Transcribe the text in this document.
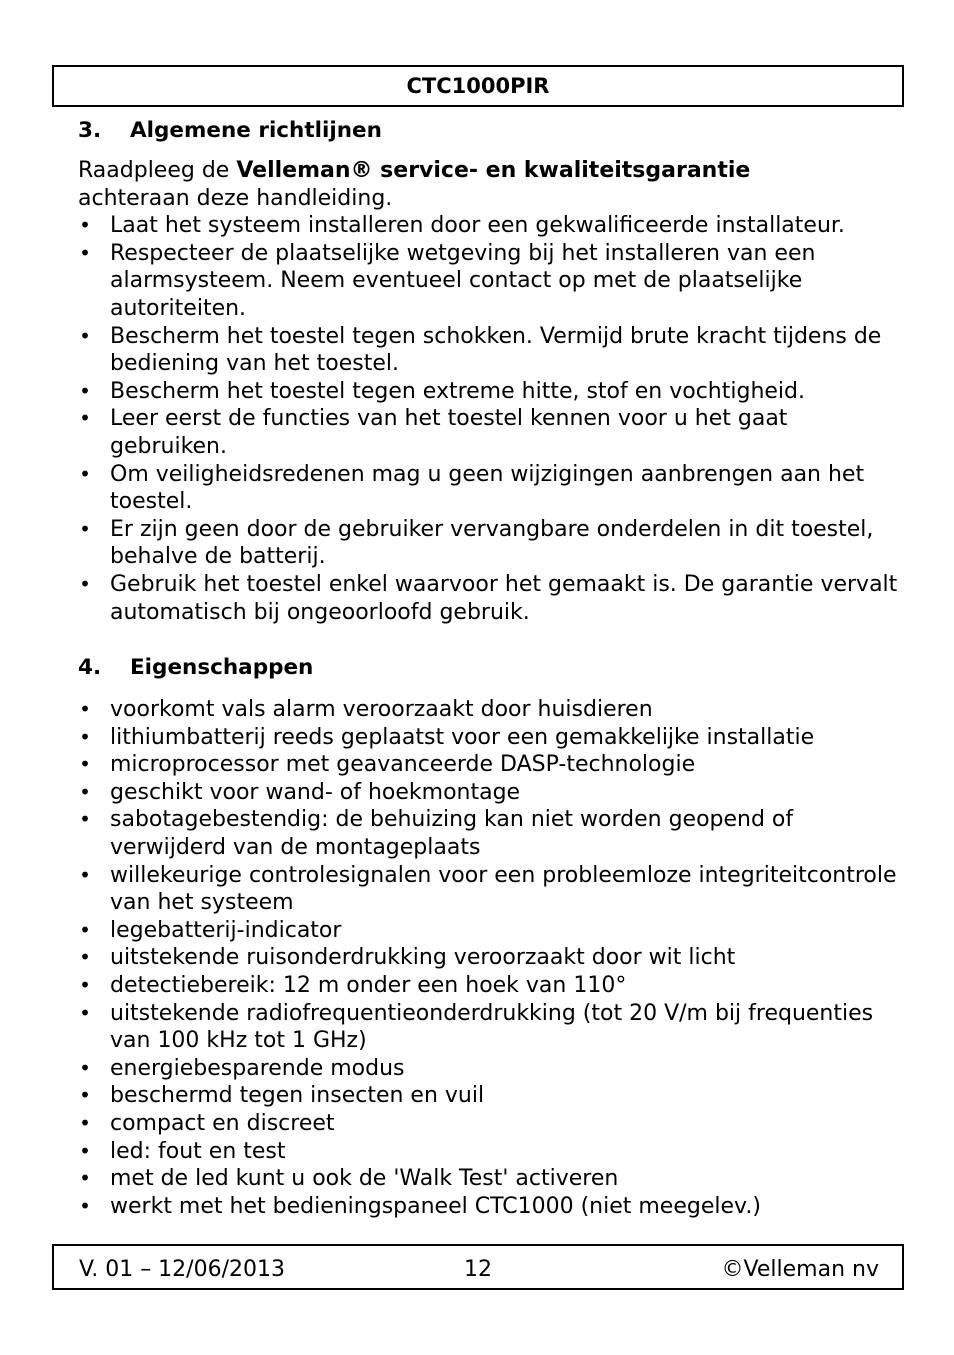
CTC1000PIR
3.	Algemene richtlijnen

Raadpleeg de Velleman® service- en kwaliteitsgarantie
achteraan deze handleiding.

• Laat het systeem installeren door een gekwalificeerde installateur.
• Respecteer de plaatselijke wetgeving bij het installeren van een alarmsysteem. Neem eventueel contact op met de plaatselijke autoriteiten.
• Bescherm het toestel tegen schokken. Vermijd brute kracht tijdens de bediening van het toestel.
• Bescherm het toestel tegen extreme hitte, stof en vochtigheid.
• Leer eerst de functies van het toestel kennen voor u het gaat gebruiken.
• Om veiligheidsredenen mag u geen wijzigingen aanbrengen aan het toestel.
• Er zijn geen door de gebruiker vervangbare onderdelen in dit toestel, behalve de batterij.
• Gebruik het toestel enkel waarvoor het gemaakt is. De garantie vervalt automatisch bij ongeoorloofd gebruik.
4.	Eigenschappen
• voorkomt vals alarm veroorzaakt door huisdieren
• lithiumbatterij reeds geplaatst voor een gemakkelijke installatie
• microprocessor met geavanceerde DASP-technologie
• geschikt voor wand- of hoekmontage
• sabotagebestendig: de behuizing kan niet worden geopend of verwijderd van de montageplaats
• willekeurige controlesignalen voor een probleemloze integriteitcontrole van het systeem
• legebatterij-indicator
• uitstekende ruisonderdrukking veroorzaakt door wit licht
• detectiebereik: 12 m onder een hoek van 110°
• uitstekende radiofrequentieonderdrukking (tot 20 V/m bij frequenties van 100 kHz tot 1 GHz)
• energiebesparende modus
• beschermd tegen insecten en vuil
• compact en discreet
• led: fout en test
• met de led kunt u ook de 'Walk Test' activeren
• werkt met het bedieningspaneel CTC1000 (niet meegelev.)
V. 01 – 12/06/2013	12	©Velleman nv
